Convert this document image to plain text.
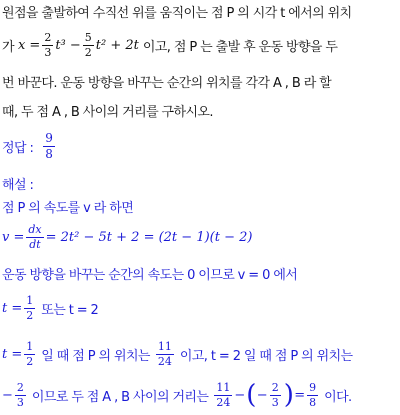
원점을 출발하여 수직선 위를 움직이는 점 P 의 시각 t 에서의 위치
가 $x = \frac{2}{3} t^3 - \frac{5}{2} t^2 + 2t$ 이고, 점 P 는 출발 후 운동 방향을 두
번 바꾼다. 운동 방향을 바꾸는 순간의 위치를 각각 A , B 라 할
때, 두 점 A , B 사이의 거리를 구하시오.
정답 : $\frac{9}{8}$
해설 :
점 P 의 속도를 v 라 하면
$v = \frac{dx}{dt} = 2t^2 - 5t + 2 = (2t - 1)(t - 2)$
운동 방향을 바꾸는 순간의 속도는 0 이므로 v = 0 에서
$t = \frac{1}{2}$ 또는 t = 2
$t = \frac{1}{2}$ 일 때 점 P 의 위치는 $\frac{11}{24}$ 이고, t = 2 일 때 점 P 의 위치는
− $\frac{2}{3}$ 이므로 두 점 A , B 사이의 거리는 $\frac{11}{24}$ − ( − $\frac{2}{3}$ ) = $\frac{9}{8}$ 이다.
